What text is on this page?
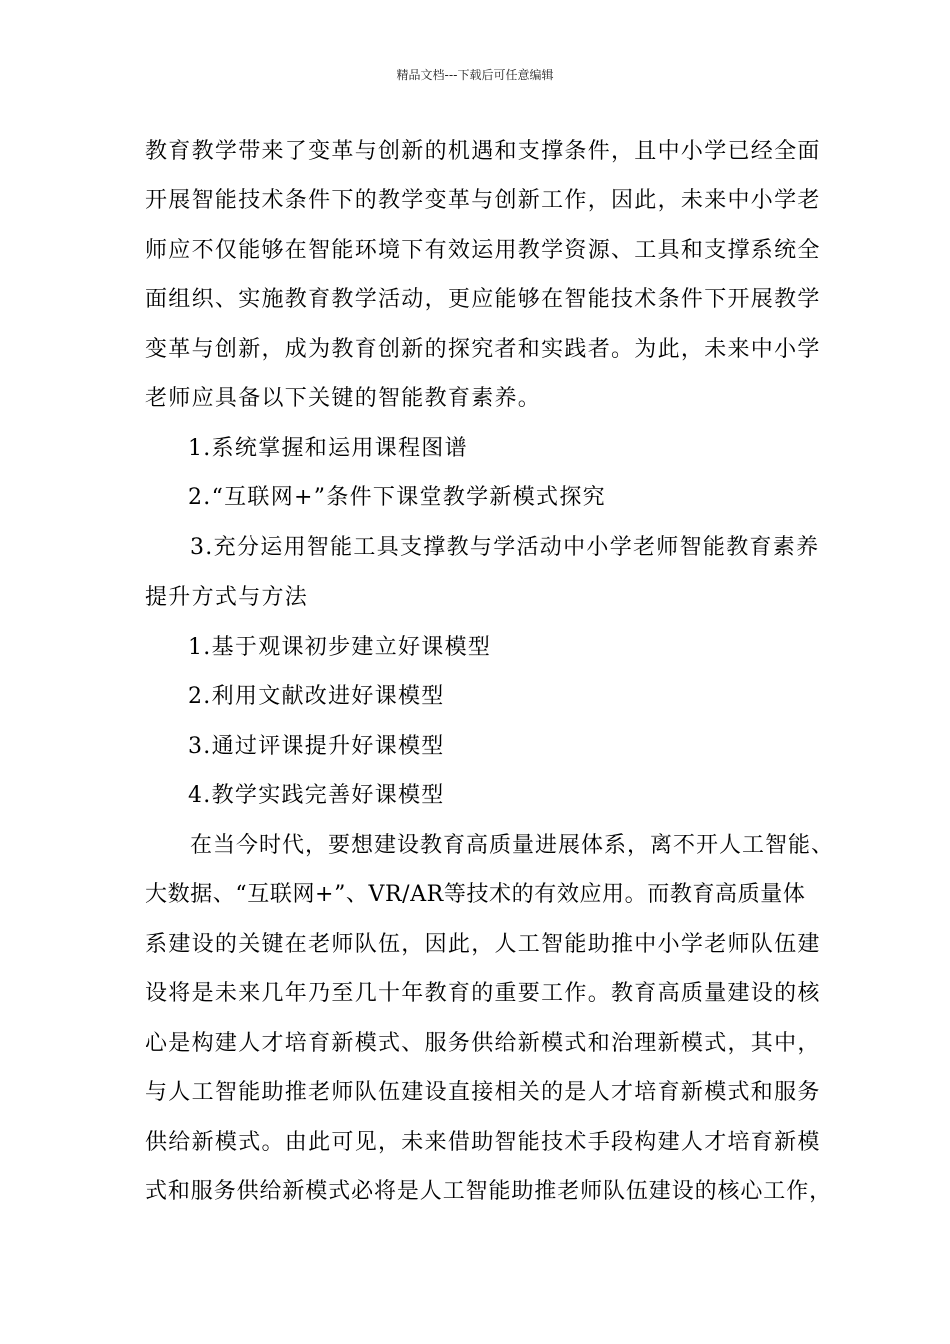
精品文档---下载后可任意编辑
教育教学带来了变革与创新的机遇和支撑条件，且中小学已经全面
开展智能技术条件下的教学变革与创新工作，因此，未来中小学老
师应不仅能够在智能环境下有效运用教学资源、工具和支撑系统全
面组织、实施教育教学活动，更应能够在智能技术条件下开展教学
变革与创新，成为教育创新的探究者和实践者。为此，未来中小学
老师应具备以下关键的智能教育素养。
1.系统掌握和运用课程图谱
2.“互联网+”条件下课堂教学新模式探究
3.充分运用智能工具支撑教与学活动中小学老师智能教育素养
提升方式与方法
1.基于观课初步建立好课模型
2.利用文献改进好课模型
3.通过评课提升好课模型
4.教学实践完善好课模型
在当今时代，要想建设教育高质量进展体系，离不开人工智能、
大数据、“互联网+”、VR/AR等技术的有效应用。而教育高质量体
系建设的关键在老师队伍，因此，人工智能助推中小学老师队伍建
设将是未来几年乃至几十年教育的重要工作。教育高质量建设的核
心是构建人才培育新模式、服务供给新模式和治理新模式，其中，
与人工智能助推老师队伍建设直接相关的是人才培育新模式和服务
供给新模式。由此可见，未来借助智能技术手段构建人才培育新模
式和服务供给新模式必将是人工智能助推老师队伍建设的核心工作，
